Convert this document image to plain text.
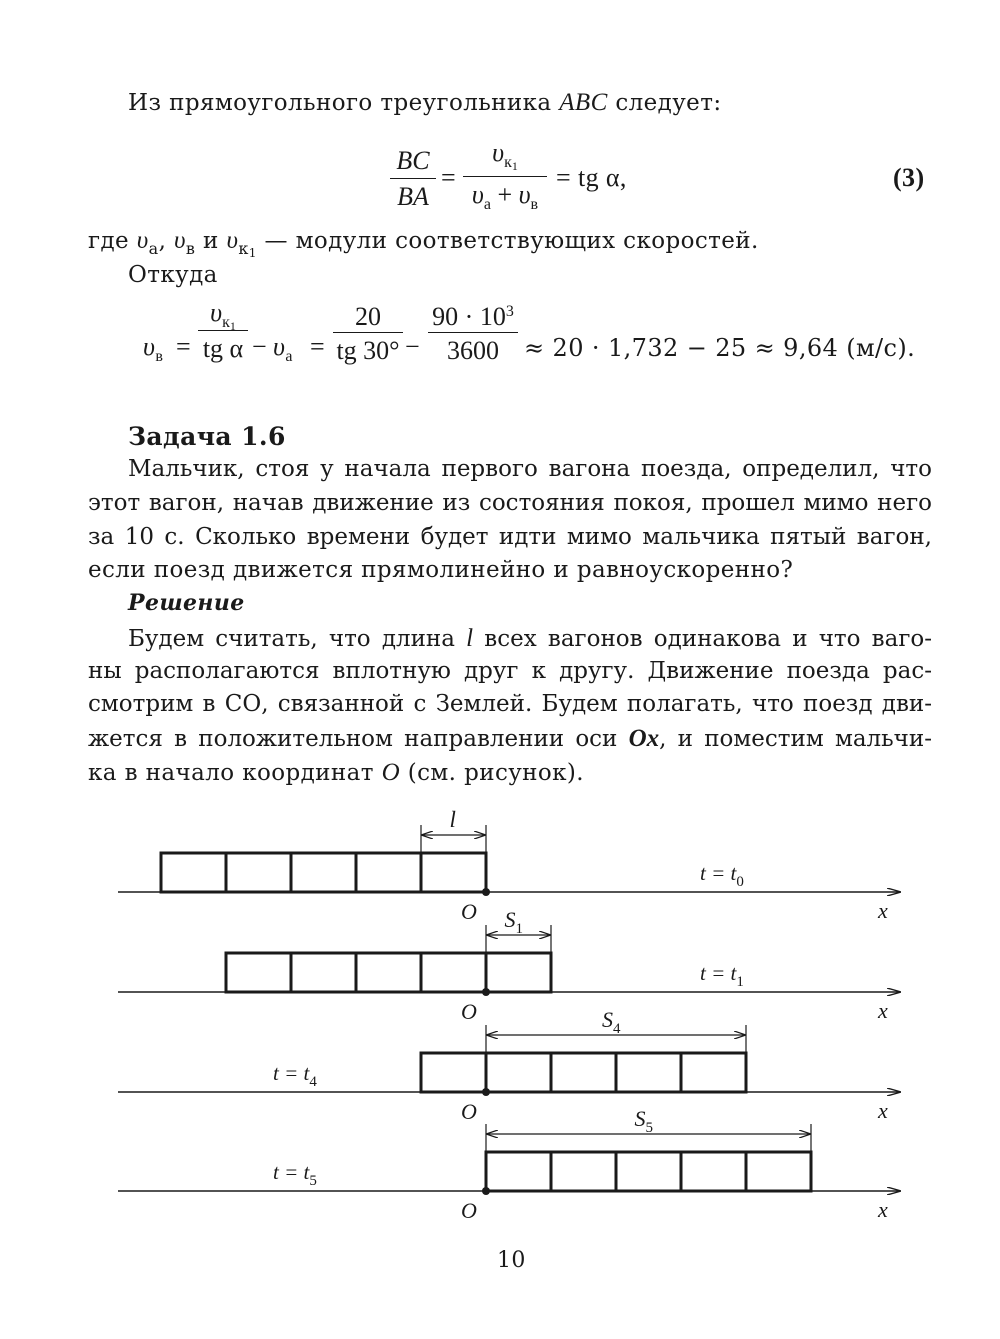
Из прямоугольного треугольника ABC следует:
BC
BA
=
$\upsilon_{к1}$
$\upsilon_а + \upsilon_в$
= tg α,	(3)
где $\upsilon_а$, $\upsilon_в$ и $\upsilon_{к1}$ — модули соответствующих скоростей.
Откуда
$\upsilon_в$ =
$\upsilon_{к1}$
tg $\alpha - \upsilon_а$ =
20
tg 30° −
$90 \cdot 10^3$
3600	≈ 20 · 1,732 − 25 ≈ 9,64 (м/с).
Задача 1.6
Мальчик, стоя у начала первого вагона поезда, определил, что
этот вагон, начав движение из состояния покоя, прошел мимо него
за 10 с. Сколько времени будет идти мимо мальчика пятый вагон,
если поезд движется прямолинейно и равноускоренно?
Решение
Будем считать, что длина l всех вагонов одинакова и что ваго-
ны располагаются вплотную друг к другу. Движение поезда рас-
смотрим в СО, связанной с Землей. Будем полагать, что поезд дви-
жется в положительном направлении оси Ox, и поместим мальчи-
ка в начало координат O (см. рисунок).
O	x
$t = t_0$
O	x
$t = t_1$
$S_1$
O	x
$t = t_4$
$S_4$
O	x
$t = t_5$
$S_5$
l
10
